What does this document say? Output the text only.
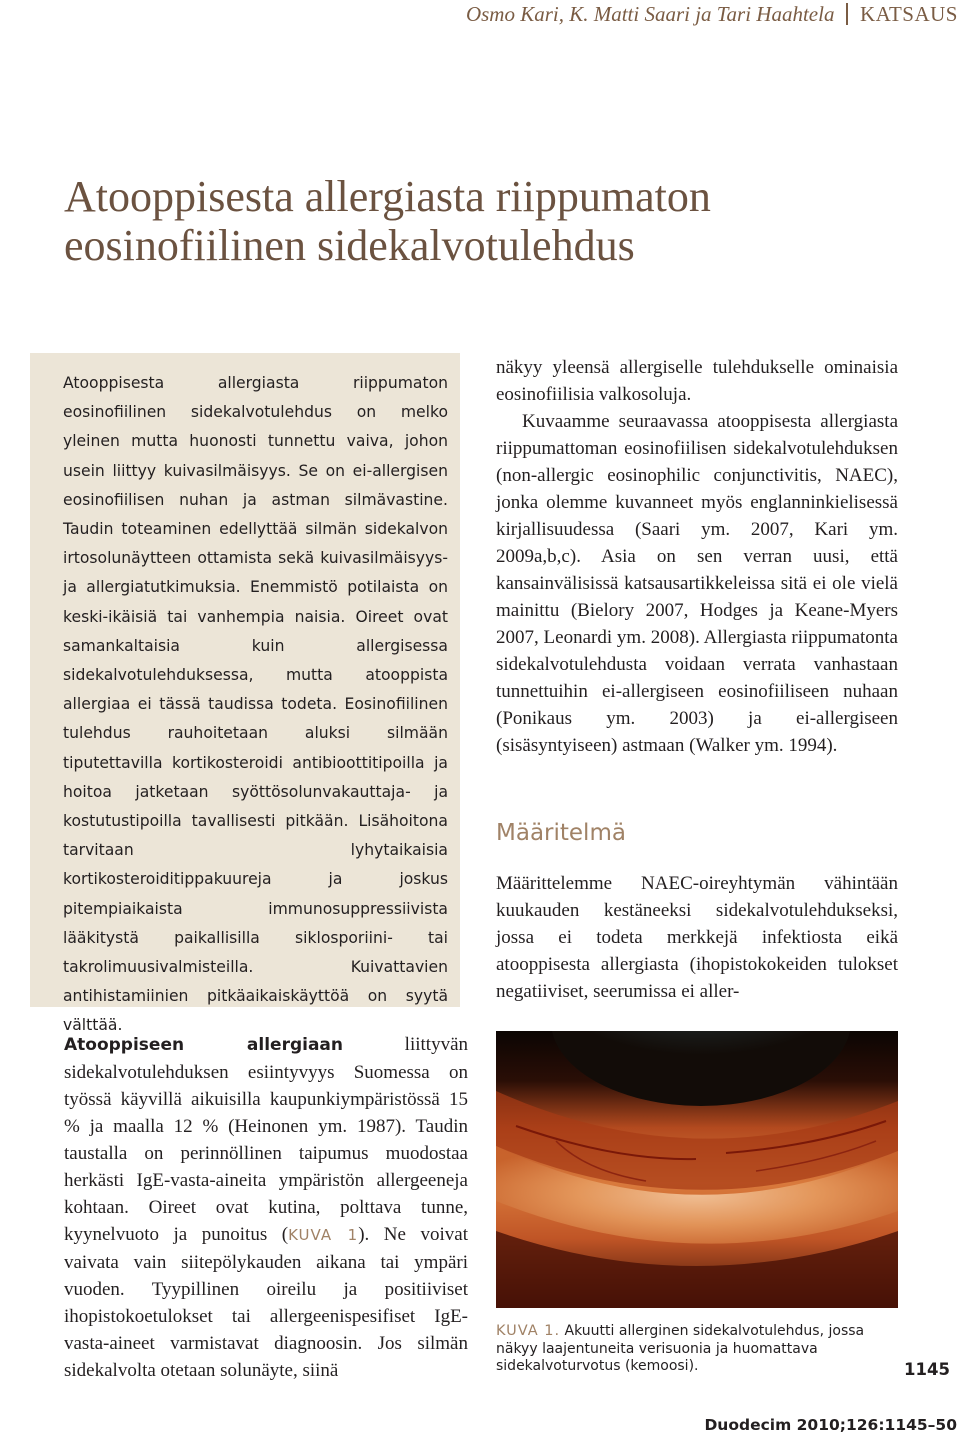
Osmo Kari, K. Matti Saari ja Tari Haahtela KATSAUS
Atooppisesta allergiasta riippumaton
eosinofiilinen sidekalvotulehdus

Atooppisesta allergiasta riippumaton eosinofiilinen sidekalvotulehdus on melko yleinen mutta huonosti tunnettu vaiva, johon usein liittyy kuivasilmäisyys. Se on ei-allergisen eosinofiilisen nuhan ja astman silmävastine. Taudin toteaminen edellyttää silmän sidekalvon irtosolunäytteen ottamista sekä kuivasilmäisyys- ja allergiatutkimuksia. Enemmistö potilaista on keski-ikäisiä tai vanhempia naisia. Oireet ovat samankaltaisia kuin allergisessa sidekalvotulehduksessa, mutta atooppista allergiaa ei tässä taudissa todeta. Eosinofiilinen tulehdus rauhoitetaan aluksi silmään tiputettavilla kortikosteroidi antibioottitipoilla ja hoitoa jatketaan syöttösolunvakauttaja- ja kostutustipoilla tavallisesti pitkään. Lisähoitona tarvitaan lyhytaikaisia kortikosteroiditippakuureja ja joskus pitempiaikaista immunosuppressiivista lääkitystä paikallisilla siklosporiini- tai takrolimuusivalmisteilla. Kuivattavien antihistamiinien pitkäaikaiskäyttöä on syytä välttää.

näkyy yleensä allergiselle tulehdukselle ominaisia eosinofiilisia valkosoluja.

Kuvaamme seuraavassa atooppisesta allergiasta riippumattoman eosinofiilisen sidekalvotulehduksen (non-allergic eosinophilic conjunctivitis, NAEC), jonka olemme kuvanneet myös englanninkielisessä kirjallisuudessa (Saari ym. 2007, Kari ym. 2009a,b,c). Asia on sen verran uusi, että kansainvälisissä katsausartikkeleissa sitä ei ole vielä mainittu (Bielory 2007, Hodges ja Keane-Myers 2007, Leonardi ym. 2008). Allergiasta riippumatonta sidekalvotulehdusta voidaan verrata vanhastaan tunnettuihin ei-allergiseen eosinofiiliseen nuhaan (Ponikaus ym. 2003) ja ei-allergiseen (sisäsyntyiseen) astmaan (Walker ym. 1994).

Määritelmä

Määrittelemme NAEC-oireyhtymän vähintään kuukauden kestäneeksi sidekalvotulehdukseksi, jossa ei todeta merkkejä infektiosta eikä atooppisesta allergiasta (ihopistokokeiden tulokset negatiiviset, seerumissa ei aller-

Atooppiseen allergiaan liittyvän sidekalvotulehduksen esiintyvyys Suomessa on työssä käyvillä aikuisilla kaupunkiympäristössä 15 % ja maalla 12 % (Heinonen ym. 1987). Taudin taustalla on perinnöllinen taipumus muodostaa herkästi IgE-vasta-aineita ympäristön allergeeneja kohtaan. Oireet ovat kutina, polttava tunne, kyynelvuoto ja punoitus (KUVA 1). Ne voivat vaivata vain siitepölykauden aikana tai ympäri vuoden. Tyypillinen oireilu ja positiiviset ihopistokoetulokset tai allergeenispesifiset IgE-vasta-aineet varmistavat diagnoosin. Jos silmän sidekalvolta otetaan solunäyte, siinä

KUVA 1. Akuutti allerginen sidekalvotulehdus, jossa näkyy laajentuneita verisuonia ja huomattava sidekalvoturvotus (kemoosi).	1145
Duodecim 2010;126:1145–50
